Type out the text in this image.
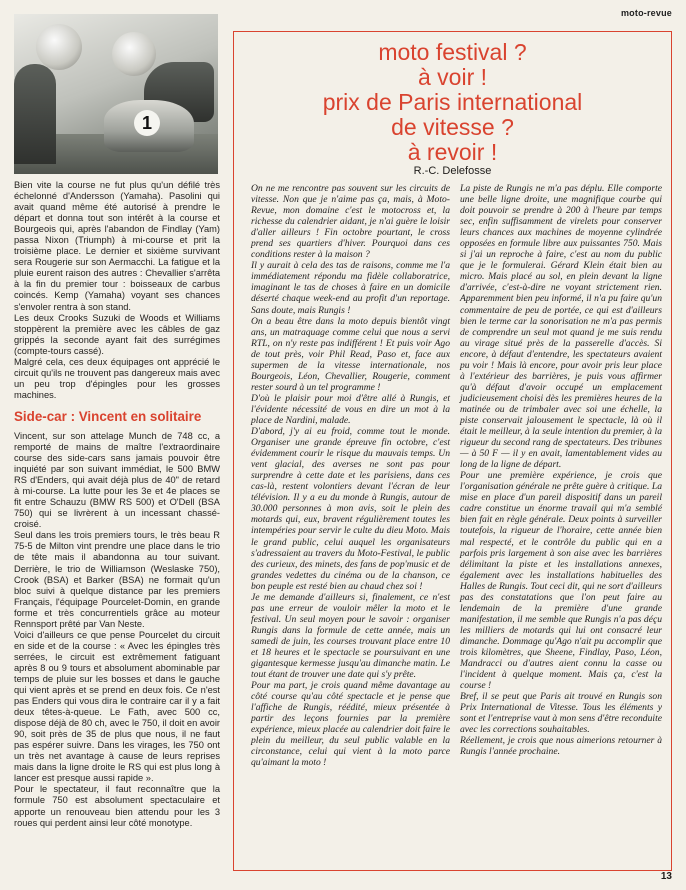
moto-revue
1

Bien vite la course ne fut plus qu'un défilé très échelonné d'Andersson (Yamaha). Pasolini qui avait quand même été autorisé à prendre le départ et donna tout son intérêt à la course et Bourgeois qui, après l'abandon de Findlay (Yam) passa Nixon (Triumph) à mi-course et prit la troisième place. Le dernier et sixième survivant sera Rougerie sur son Aermacchi. La fatigue et la pluie eurent raison des autres : Chevallier s'arrêta à la fin du premier tour : boisseaux de carbus coincés. Kemp (Yamaha) voyant ses chances s'envoler rentra à son stand.

Les deux Crooks Suzuki de Woods et Williams stoppèrent la première avec les câbles de gaz grippés la seconde ayant fait des surrégimes (compte-tours cassé).

Malgré cela, ces deux équipages ont apprécié le circuit qu'ils ne trouvent pas dangereux mais avec un peu trop d'épingles pour les grosses machines.

Side-car : Vincent en solitaire

Vincent, sur son attelage Munch de 748 cc, a remporté de mains de maître l'extraordinaire course des side-cars sans jamais pouvoir être inquiété par son suivant immédiat, le 500 BMW RS d'Enders, qui avait déjà plus de 40" de retard à mi-course. La lutte pour les 3e et 4e places se fit entre Schauzu (BMW RS 500) et O'Dell (BSA 750) qui se livrèrent à un incessant chassé-croisé.

Seul dans les trois premiers tours, le très beau R 75-5 de Milton vint prendre une place dans le trio de tête mais il abandonna au tour suivant. Derrière, le trio de Williamson (Weslaske 750), Crook (BSA) et Barker (BSA) ne formait qu'un bloc suivi à quelque distance par les premiers Français, l'équipage Pourcelet-Domin, en grande forme et très concurrentiels grâce au moteur Rennsport prêté par Van Neste.

Voici d'ailleurs ce que pense Pourcelet du circuit en side et de la course : « Avec les épingles très serrées, le circuit est extrêmement fatiguant après 8 ou 9 tours et absolument abominable par temps de pluie sur les bosses et dans le gauche qui vient après et se prend en deux fois. Ce n'est pas Enders qui vous dira le contraire car il y a fait deux têtes-à-queue. Le Fath, avec 500 cc, dispose déjà de 80 ch, avec le 750, il doit en avoir 90, soit près de 35 de plus que nous, il ne faut pas espérer suivre. Dans les virages, les 750 ont un très net avantage à cause de leurs reprises mais dans la ligne droite le RS qui est plus long à lancer est presque aussi rapide ».

Pour le spectateur, il faut reconnaître que la formule 750 est absolument spectaculaire et apporte un renouveau bien attendu pour les 3 roues qui perdent ainsi leur côté monotype.

moto festival ?
à voir !
prix de Paris international
de vitesse ?
à revoir !
R.-C. Delefosse

On ne me rencontre pas souvent sur les circuits de vitesse. Non que je n'aime pas ça, mais, à Moto-Revue, mon domaine c'est le motocross et, la richesse du calendrier aidant, je n'ai guère le loisir d'aller ailleurs ! Fin octobre pourtant, le cross prend ses quartiers d'hiver. Pourquoi dans ces conditions rester à la maison ?

Il y aurait à cela des tas de raisons, comme me l'a immédiatement répondu ma fidèle collaboratrice, imaginant le tas de choses à faire en un domicile déserté chaque week-end au profit d'un reportage. Sans doute, mais Rungis !

On a beau être dans la moto depuis bientôt vingt ans, un matraquage comme celui que nous a servi RTL, on n'y reste pas indifférent ! Et puis voir Ago de tout près, voir Phil Read, Paso et, face aux supermen de la vitesse internationale, nos Bourgeois, Léon, Chevallier, Rougerie, comment rester sourd à un tel programme !

D'où le plaisir pour moi d'être allé à Rungis, et l'évidente nécessité de vous en dire un mot à la place de Nardini, malade.

D'abord, j'y ai eu froid, comme tout le monde. Organiser une grande épreuve fin octobre, c'est évidemment courir le risque du mauvais temps. Un vent glacial, des averses ne sont pas pour surprendre à cette date et les parisiens, dans ces cas-là, restent volontiers devant l'écran de leur télévision. Il y a eu du monde à Rungis, autour de 30.000 personnes à mon avis, soit le plein des motards qui, eux, bravent régulièrement toutes les intempéries pour servir le culte du dieu Moto. Mais le grand public, celui auquel les organisateurs s'adressaient au travers du Moto-Festival, le public des curieux, des minets, des fans de pop'music et de grandes vedettes du cinéma ou de la chanson, ce bon peuple est resté bien au chaud chez soi !

Je me demande d'ailleurs si, finalement, ce n'est pas une erreur de vouloir mêler la moto et le festival. Un seul moyen pour le savoir : organiser Rungis dans la formule de cette année, mais un samedi de juin, les courses trouvant place entre 10 et 18 heures et le spectacle se poursuivant en une gigantesque kermesse jusqu'au dimanche matin. Le tout étant de trouver une date qui s'y prête.

Pour ma part, je crois quand même davantage au côté course qu'au côté spectacle et je pense que l'affiche de Rungis, réédité, mieux présentée à partir des leçons fournies par la première expérience, mieux placée au calendrier doit faire le plein du meilleur, du seul public valable en la circonstance, celui qui vient à la moto parce qu'aimant la moto !

La piste de Rungis ne m'a pas déplu. Elle comporte une belle ligne droite, une magnifique courbe qui doit pouvoir se prendre à 200 à l'heure par temps sec, enfin suffisamment de virelets pour conserver leurs chances aux machines de moyenne cylindrée opposées en formule libre aux puissantes 750. Mais si j'ai un reproche à faire, c'est au nom du public que je le formulerai. Gérard Klein était bien au micro. Mais placé au sol, en plein devant la ligne d'arrivée, c'est-à-dire ne voyant strictement rien. Apparemment bien peu informé, il n'a pu faire qu'un commentaire de peu de portée, ce qui est d'ailleurs bien le terme car la sonorisation ne m'a pas permis de comprendre un seul mot quand je me suis rendu au virage situé près de la passerelle d'accès. Si encore, à défaut d'entendre, les spectateurs avaient pu voir ! Mais là encore, pour avoir pris leur place à l'extérieur des barrières, je puis vous affirmer qu'à défaut d'avoir occupé un emplacement judicieusement choisi dès les premières heures de la matinée ou de trimbaler avec soi une échelle, la piste conservait jalousement le spectacle, là où il était le meilleur, à la seule intention du premier, à la rigueur du second rang de spectateurs. Des tribunes — à 50 F — il y en avait, lamentablement vides au long de la ligne de départ.

Pour une première expérience, je crois que l'organisation générale ne prête guère à critique. La mise en place d'un pareil dispositif dans un pareil cadre constitue un énorme travail qui m'a semblé bien fait en règle générale. Deux points à surveiller toutefois, la rigueur de l'horaire, cette année bien mal respecté, et le contrôle du public qui en a parfois pris largement à son aise avec les barrières délimitant la piste et les installations annexes, également avec les installations habituelles des Halles de Rungis. Tout ceci dit, qui ne sort d'ailleurs pas des constatations que l'on peut faire au lendemain de la première d'une grande manifestation, il me semble que Rungis n'a pas déçu les milliers de motards qui lui ont consacré leur dimanche. Dommage qu'Ago n'ait pu accomplir que trois kilomètres, que Sheene, Findlay, Paso, Léon, Mandracci ou d'autres aient connu la casse ou l'incident à quelque moment. Mais ça, c'est la course !

Bref, il se peut que Paris ait trouvé en Rungis son Prix International de Vitesse. Tous les éléments y sont et l'entreprise vaut à mon sens d'être reconduite avec les corrections souhaitables.

Réellement, je crois que nous aimerions retourner à Rungis l'année prochaine.

13
